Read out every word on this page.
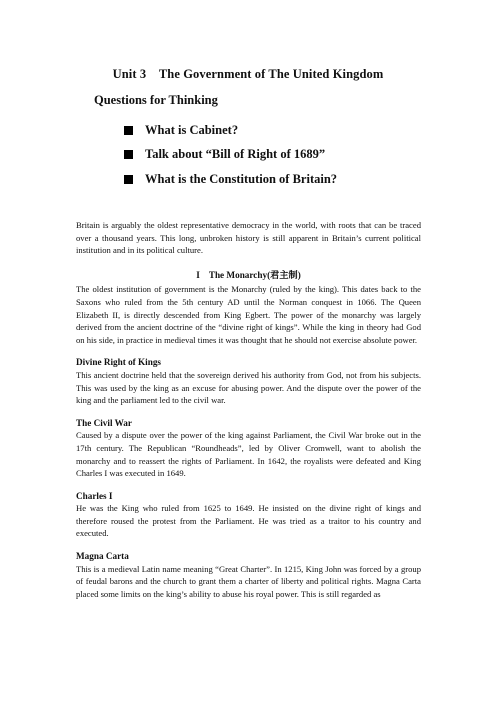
Unit 3    The Government of The United Kingdom
Questions for Thinking
What is Cabinet?
Talk about “Bill of Right of 1689”
What is the Constitution of Britain?

Britain is arguably the oldest representative democracy in the world, with roots that can be traced over a thousand years. This long, unbroken history is still apparent in Britain’s current political institution and in its political culture.

I    The Monarchy(君主制)

The oldest institution of government is the Monarchy (ruled by the king). This dates back to the Saxons who ruled from the 5th century AD until the Norman conquest in 1066. The Queen Elizabeth II, is directly descended from King Egbert. The power of the monarchy was largely derived from the ancient doctrine of the “divine right of kings”. While the king in theory had God on his side, in practice in medieval times it was thought that he should not exercise absolute power.

Divine Right of Kings

This ancient doctrine held that the sovereign derived his authority from God, not from his subjects. This was used by the king as an excuse for abusing power. And the dispute over the power of the king and the parliament led to the civil war.

The Civil War

Caused by a dispute over the power of the king against Parliament, the Civil War broke out in the 17th century. The Republican “Roundheads”, led by Oliver Cromwell, want to abolish the monarchy and to reassert the rights of Parliament. In 1642, the royalists were defeated and King Charles I was executed in 1649.

Charles I

He was the King who ruled from 1625 to 1649. He insisted on the divine right of kings and therefore roused the protest from the Parliament. He was tried as a traitor to his country and executed.

Magna Carta

This is a medieval Latin name meaning “Great Charter”. In 1215, King John was forced by a group of feudal barons and the church to grant them a charter of liberty and political rights. Magna Carta placed some limits on the king’s ability to abuse his royal power. This is still regarded as
